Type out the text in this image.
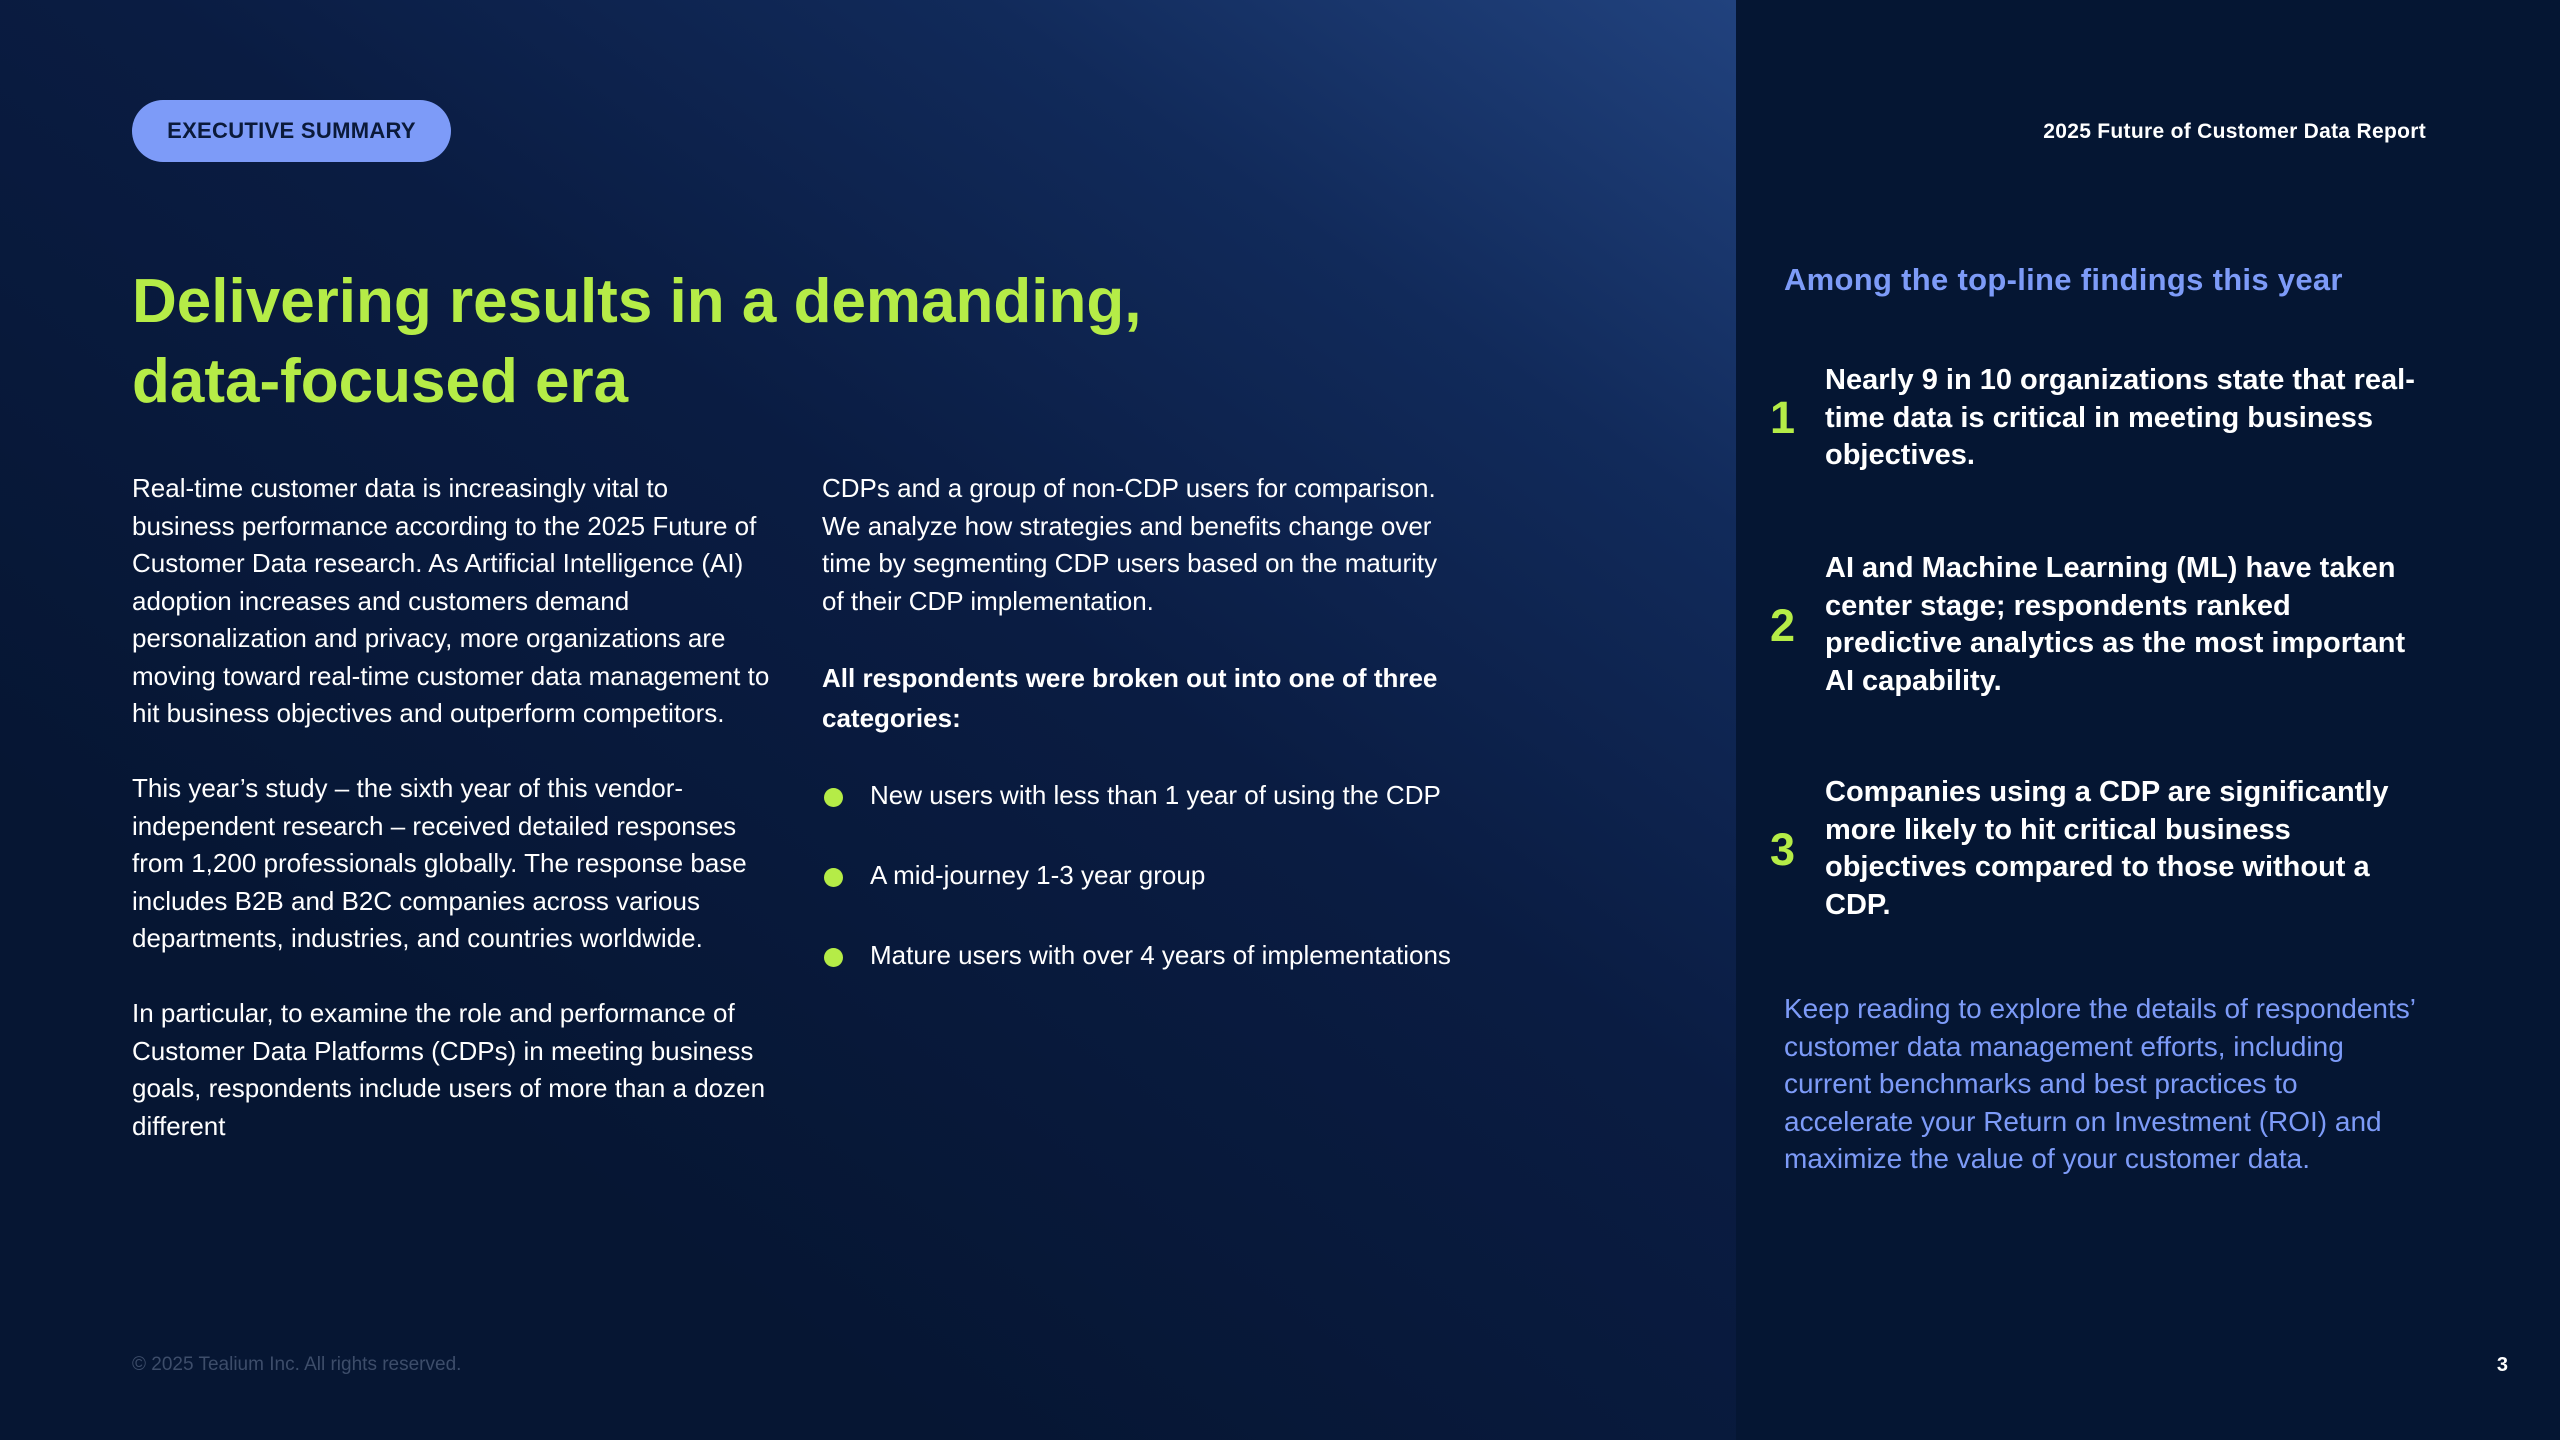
EXECUTIVE SUMMARY	2025 Future of Customer Data Report
Delivering results in a demanding,
data-focused era

Real-time customer data is increasingly vital to business performance according to the 2025 Future of Customer Data research. As Artificial Intelligence (AI) adoption increases and customers demand personalization and privacy, more organizations are moving toward real-time customer data management to hit business objectives and outperform competitors.

This year’s study – the sixth year of this vendor-independent research – received detailed responses from 1,200 professionals globally. The response base includes B2B and B2C companies across various departments, industries, and countries worldwide.

In particular, to examine the role and performance of Customer Data Platforms (CDPs) in meeting business goals, respondents include users of more than a dozen different

CDPs and a group of non-CDP users for comparison. We analyze how strategies and benefits change over time by segmenting CDP users based on the maturity of their CDP implementation.

All respondents were broken out into one of three categories:

New users with less than 1 year of using the CDP
A mid-journey 1-3 year group
Mature users with over 4 years of implementations
Among the top-line findings this year
1
Nearly 9 in 10 organizations state that real-time data is critical in meeting business objectives.
2
AI and Machine Learning (ML) have taken center stage; respondents ranked predictive analytics as the most important AI capability.
3
Companies using a CDP are significantly more likely to hit critical business objectives compared to those without a CDP.
Keep reading to explore the details of respondents’ customer data management efforts, including current benchmarks and best practices to accelerate your Return on Investment (ROI) and maximize the value of your customer data.
© 2025 Tealium Inc. All rights reserved.	3
